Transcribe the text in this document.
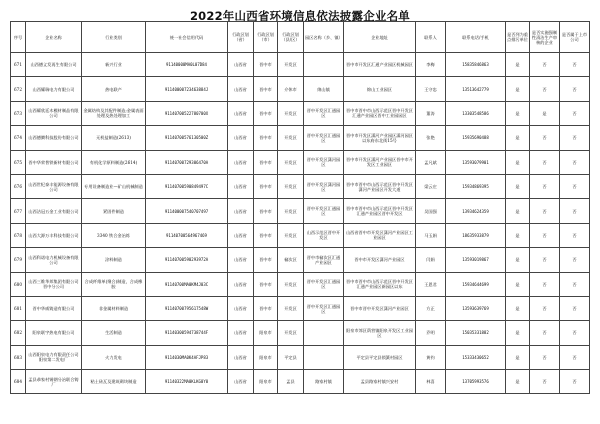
2022年山西省环境信息依法披露企业名单
序号	企业名称	行业类别	统一社会信用代码	行政区划（省）	行政区划（市）	行政区划（县/区）	园区名称（乡、镇）	企业地址	联系人	联系电话/手机	是否列为重点排污单位	是否实施强制性清洁生产审核的企业	是否属于上市公司
671	山西德义发再生有限公司	新兴行业	91140000MA0L07D84	山西省	晋中市	开发区		晋中市开发区汇通产业园区机械园区	李梅	15835846863	是	否	否
672	山西耀瑞电力有限公司	热电联产	91140000723463884J	山西省	晋中市	介休市	绵山镇	绵山工业园区	王守忠	13513642779	是	否	否
673	山西耀欣廷木模材制品有限公司	金属结构及其配件制造;金属表面处理及热处理加工	91140700522780700X	山西省	晋中市	开发区	晋中开发区汇通园区	晋中市晋中市山西示范区晋中开发区汇通产业园区晋中工业园园区	董涛	13303548586	是	是	否
674	山西德腾科技股份有限公司	无机盐制造(2613)	91140700576130500Z	山西省	晋中市	开发区	晋中开发区汇通园区	晋中市开发区潇河产业园区潇河园区以东府东北街15号	张艳	15935690488	是	否	否
675	晋中华荣普铁新材有限公司	有机化学原料制造(2614)	91140700729306470A	山西省	晋中市	开发区	晋中开发区潇河园区	晋中市开发区潇河产业园区晋中市开发区工业园区	孟凡斌	13593079901	是	否	否
676	山西世纪泰丰能源设备有限公司	专用设备制造业—矿山机械制造	91140700590849497C	山西省	晋中市	开发区	晋中开发区潇河园区	晋中市晋中市山西示范区晋中开发区潇河产业园区开发大道	梁云庄	15934869395	是	否	否
677	山西洁冠五金工业有限公司	紧固件制造	911400007540707497	山西省	晋中市	开发区	晋中开发区汇通园区	晋中市晋中市山西示范区晋中开发区汇通产业园区晋中开发区	吴国强	13934624359	是	否	否
678	山西大源万丰科技有限公司	3340 铁合金冶炼	91140700564967469	山西省	晋中市	开发区	山西示范区晋中开发区	山西省晋中市开发区潇河产业园区工业园区	马玉娟	18635933879	是	否	否
679	山西科诺电力机械设备有限公司	涂料制造	91140700590293972A	山西省	晋中市	榆次区	晋中市榆次区汇通产业园区	晋中市开发区潇河产业园区	闫娟	13593019867	是	否	否
680	山西三维华邦集团有限公司晋中分公司	合成纤维单(聚合)制造，合成橡胶	91140700MA0KM4J03C	山西省	晋中市	开发区	晋中开发区汇通园区	晋中市晋中市山西示范区晋中开发区汇通产业园区新园区以东	王恩君	15934644699	是	否	否
681	晋中华威铸造有限公司	非金属材料制造	91140700795617548W	山西省	晋中市	开发区	晋中开发区汇通园区	晋中市晋中开发区潇河产业园区	方正	13593639769	是	否	否
682	阳泉联宇热电有限公司	生活制造	91140300594738744F	山西省	阳泉市	开发区		阳泉市郊区荫营镇阳泉开发区工业园区	乔明	15035331882	是	否	否
683	山西阳泉电力有限责任公司阳泉第二发电厂	火力发电	9114030MA0K4AFJP83	山西省	阳泉市	平定县		平定县平定县锁簧村园区	黄钧	15333430652	是	否	否
684	孟县恭家村锡钢分冶联合铸厂	粘土砖瓦及建筑砌块制造	91140322MA0KLKG0Y0	山西省	阳泉市	孟县	路家村镇	孟县路家村镇兴安村	林喜	13705993576	是	否	否
